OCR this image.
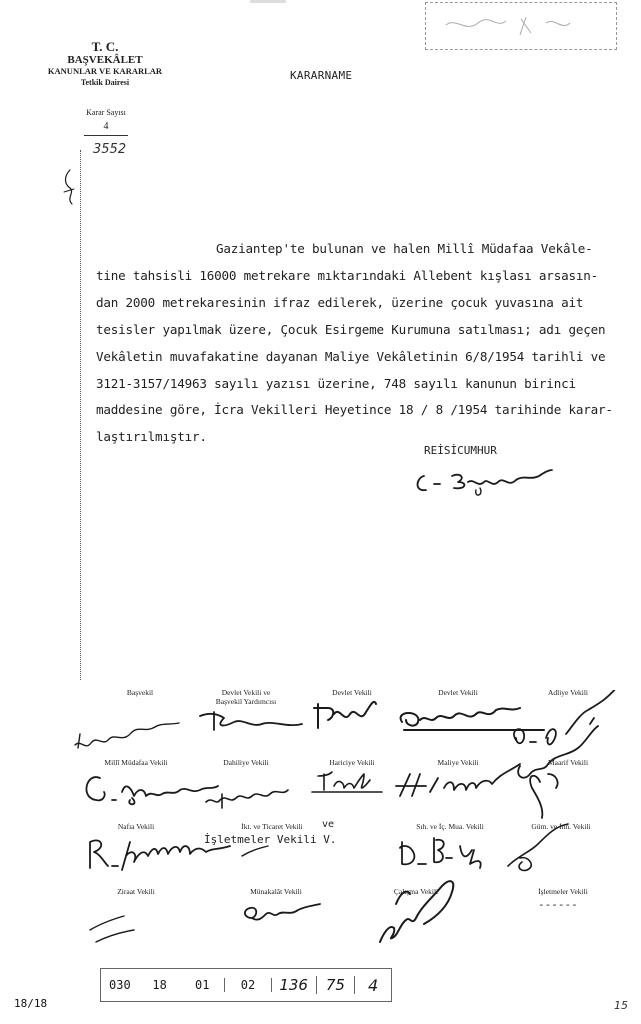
T. C.
BAŞVEKÂLET
KANUNLAR VE KARARLAR
Tetkik Dairesi
Karar Sayısı
4
3552
KARARNAME
Gaziantep'te bulunan ve halen Millî Müdafaa Vekâle-
tine tahsisli 16000 metrekare mıktarındaki Allebent kışlası arsasın-
dan 2000 metrekaresinin ifraz edilerek, üzerine çocuk yuvasına ait
tesisler yapılmak üzere, Çocuk Esirgeme Kurumuna satılması; adı geçen
Vekâletin muvafakatine dayanan Maliye Vekâletinin 6/8/1954 tarihli ve
3121-3157/14963 sayılı yazısı üzerine, 748 sayılı kanunun birinci
maddesine göre, İcra Vekilleri Heyetince 18 / 8 /1954 tarihinde karar-
laştırılmıştır.
REİSİCUMHUR
Başvekil	Devlet Vekili ve
Başvekil Yardımcısı
Devlet Vekili	Devlet Vekili	Adliye Vekili
Millî Müdafaa Vekili	Dahiliye Vekili	Hariciye Vekili	Maliye Vekili	Maarif Vekili
Nafıa Vekili	İkt. ve Ticaret Vekili	ve	Sıh. ve İç. Mua. Vekili	Güm. ve İnh. Vekili
İşletmeler Vekili V.
Ziraat Vekili	Münakalât Vekili	Çalışma Vekili	İşletmeler Vekili
------
030	18	01	02	136	75	4
18/18	15
